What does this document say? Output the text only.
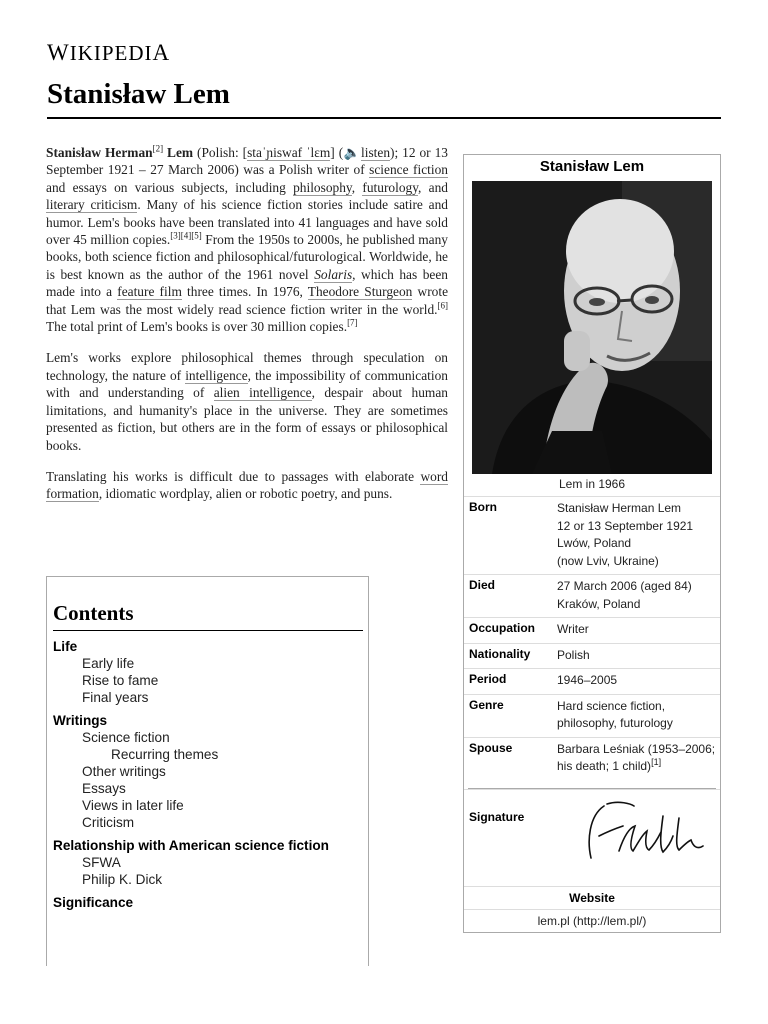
WIKIPEDIA
Stanisław Lem

Stanisław Herman[2] Lem (Polish: [staˈɲiswaf ˈlɛm] (🔈listen); 12 or 13 September 1921 – 27 March 2006) was a Polish writer of science fiction and essays on various subjects, including philosophy, futurology, and literary criticism. Many of his science fiction stories include satire and humor. Lem's books have been translated into 41 languages and have sold over 45 million copies.[3][4][5] From the 1950s to 2000s, he published many books, both science fiction and philosophical/futurological. Worldwide, he is best known as the author of the 1961 novel Solaris, which has been made into a feature film three times. In 1976, Theodore Sturgeon wrote that Lem was the most widely read science fiction writer in the world.[6] The total print of Lem's books is over 30 million copies.[7]

Lem's works explore philosophical themes through speculation on technology, the nature of intelligence, the impossibility of communication with and understanding of alien intelligence, despair about human limitations, and humanity's place in the universe. They are sometimes presented as fiction, but others are in the form of essays or philosophical books.

Translating his works is difficult due to passages with elaborate word formation, idiomatic wordplay, alien or robotic poetry, and puns.

Contents
Life
Early life
Rise to fame
Final years
Writings
Science fiction
Recurring themes
Other writings
Essays
Views in later life
Criticism
Relationship with American science fiction
SFWA
Philip K. Dick
Significance
Stanisław Lem
Lem in 1966
Born	Stanisław Herman Lem
12 or 13 September 1921
Lwów, Poland
(now Lviv, Ukraine)
Died	27 March 2006 (aged 84)
Kraków, Poland
Occupation	Writer
Nationality	Polish
Period	1946–2005
Genre	Hard science fiction, philosophy, futurology
Spouse	Barbara Leśniak (1953–2006; his death; 1 child)[1]
Signature
Website
lem.pl (http://lem.pl/)
